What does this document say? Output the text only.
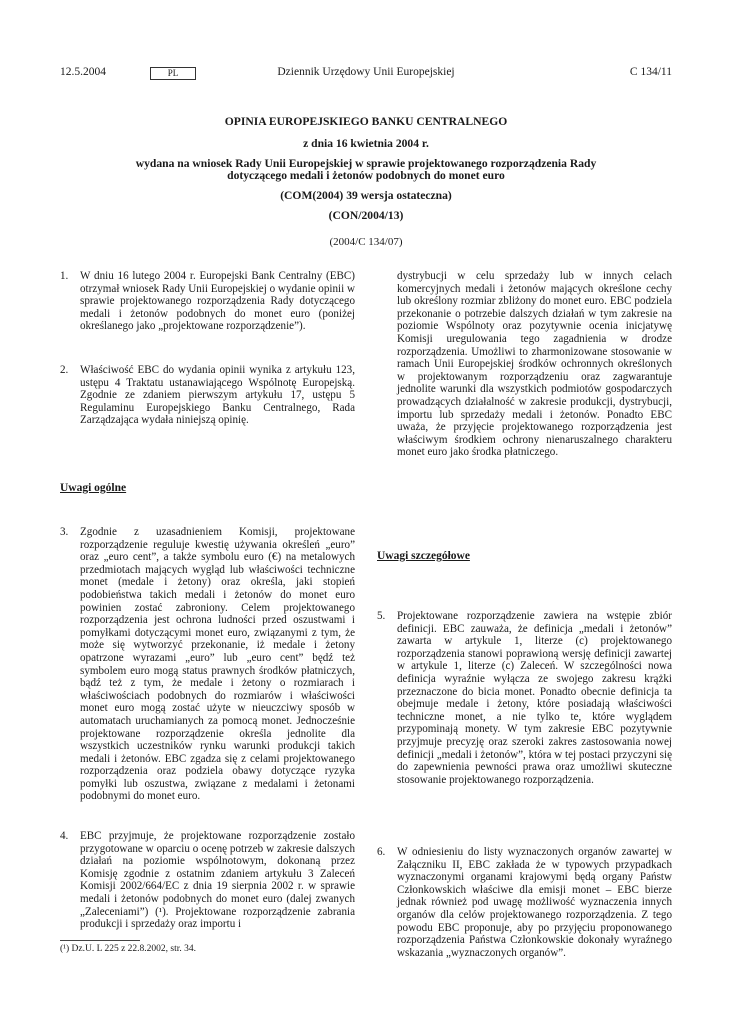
Dziennik Urzędowy Unii Europejskiej
12.5.2004	PL	C 134/11
OPINIA EUROPEJSKIEGO BANKU CENTRALNEGO
z dnia 16 kwietnia 2004 r.
wydana na wniosek Rady Unii Europejskiej w sprawie projektowanego rozporządzenia Rady
dotyczącego medali i żetonów podobnych do monet euro
(COM(2004) 39 wersja ostateczna)
(CON/2004/13)
(2004/C 134/07)
1.	W dniu 16 lutego 2004 r. Europejski Bank Centralny (EBC) otrzymał wniosek Rady Unii Europejskiej o wydanie opinii w sprawie projektowanego rozporządzenia Rady dotyczącego medali i żetonów podobnych do monet euro (poniżej określanego jako „projektowane rozporządzenie”).
2.	Właściwość EBC do wydania opinii wynika z artykułu 123, ustępu 4 Traktatu ustanawiającego Wspólnotę Europejską. Zgodnie ze zdaniem pierwszym artykułu 17, ustępu 5 Regulaminu Europejskiego Banku Centralnego, Rada Zarządzająca wydała niniejszą opinię.
Uwagi ogólne
3.	Zgodnie z uzasadnieniem Komisji, projektowane rozporządzenie reguluje kwestię używania określeń „euro” oraz „euro cent”, a także symbolu euro (€) na metalowych przedmiotach mających wygląd lub właściwości techniczne monet (medale i żetony) oraz określa, jaki stopień podobieństwa takich medali i żetonów do monet euro powinien zostać zabroniony. Celem projektowanego rozporządzenia jest ochrona ludności przed oszustwami i pomyłkami dotyczącymi monet euro, związanymi z tym, że może się wytworzyć przekonanie, iż medale i żetony opatrzone wyrazami „euro” lub „euro cent” będź też symbolem euro mogą status prawnych środków płatniczych, bądź też z tym, że medale i żetony o rozmiarach i właściwościach podobnych do rozmiarów i właściwości monet euro mogą zostać użyte w nieuczciwy sposób w automatach uruchamianych za pomocą monet. Jednocześnie projektowane rozporządzenie określa jednolite dla wszystkich uczestników rynku warunki produkcji takich medali i żetonów. EBC zgadza się z celami projektowanego rozporządzenia oraz podziela obawy dotyczące ryzyka pomyłki lub oszustwa, związane z medalami i żetonami podobnymi do monet euro.
4.	EBC przyjmuje, że projektowane rozporządzenie zostało przygotowane w oparciu o ocenę potrzeb w zakresie dalszych działań na poziomie wspólnotowym, dokonaną przez Komisję zgodnie z ostatnim zdaniem artykułu 3 Zaleceń Komisji 2002/664/EC z dnia 19 sierpnia 2002 r. w sprawie medali i żetonów podobnych do monet euro (dalej zwanych „Zaleceniami”) (¹). Projektowane rozporządzenie zabrania produkcji i sprzedaży oraz importu i
dystrybucji w celu sprzedaży lub w innych celach komercyjnych medali i żetonów mających określone cechy lub określony rozmiar zbliżony do monet euro. EBC podziela przekonanie o potrzebie dalszych działań w tym zakresie na poziomie Wspólnoty oraz pozytywnie ocenia inicjatywę Komisji uregulowania tego zagadnienia w drodze rozporządzenia. Umożliwi to zharmonizowane stosowanie w ramach Unii Europejskiej środków ochronnych określonych w projektowanym rozporządzeniu oraz zagwarantuje jednolite warunki dla wszystkich podmiotów gospodarczych prowadzących działalność w zakresie produkcji, dystrybucji, importu lub sprzedaży medali i żetonów. Ponadto EBC uważa, że przyjęcie projektowanego rozporządzenia jest właściwym środkiem ochrony nienaruszalnego charakteru monet euro jako środka płatniczego.
Uwagi szczegółowe
5.	Projektowane rozporządzenie zawiera na wstępie zbiór definicji. EBC zauważa, że definicja „medali i żetonów” zawarta w artykule 1, literze (c) projektowanego rozporządzenia stanowi poprawioną wersję definicji zawartej w artykule 1, literze (c) Zaleceń. W szczególności nowa definicja wyraźnie wyłącza ze swojego zakresu krążki przeznaczone do bicia monet. Ponadto obecnie definicja ta obejmuje medale i żetony, które posiadają właściwości techniczne monet, a nie tylko te, które wyglądem przypominają monety. W tym zakresie EBC pozytywnie przyjmuje precyzję oraz szeroki zakres zastosowania nowej definicji „medali i żetonów”, która w tej postaci przyczyni się do zapewnienia pewności prawa oraz umożliwi skuteczne stosowanie projektowanego rozporządzenia.
6.	W odniesieniu do listy wyznaczonych organów zawartej w Załączniku II, EBC zakłada że w typowych przypadkach wyznaczonymi organami krajowymi będą organy Państw Członkowskich właściwe dla emisji monet – EBC bierze jednak również pod uwagę możliwość wyznaczenia innych organów dla celów projektowanego rozporządzenia. Z tego powodu EBC proponuje, aby po przyjęciu proponowanego rozporządzenia Państwa Członkowskie dokonały wyraźnego wskazania „wyznaczonych organów”.
(¹) Dz.U. L 225 z 22.8.2002, str. 34.
